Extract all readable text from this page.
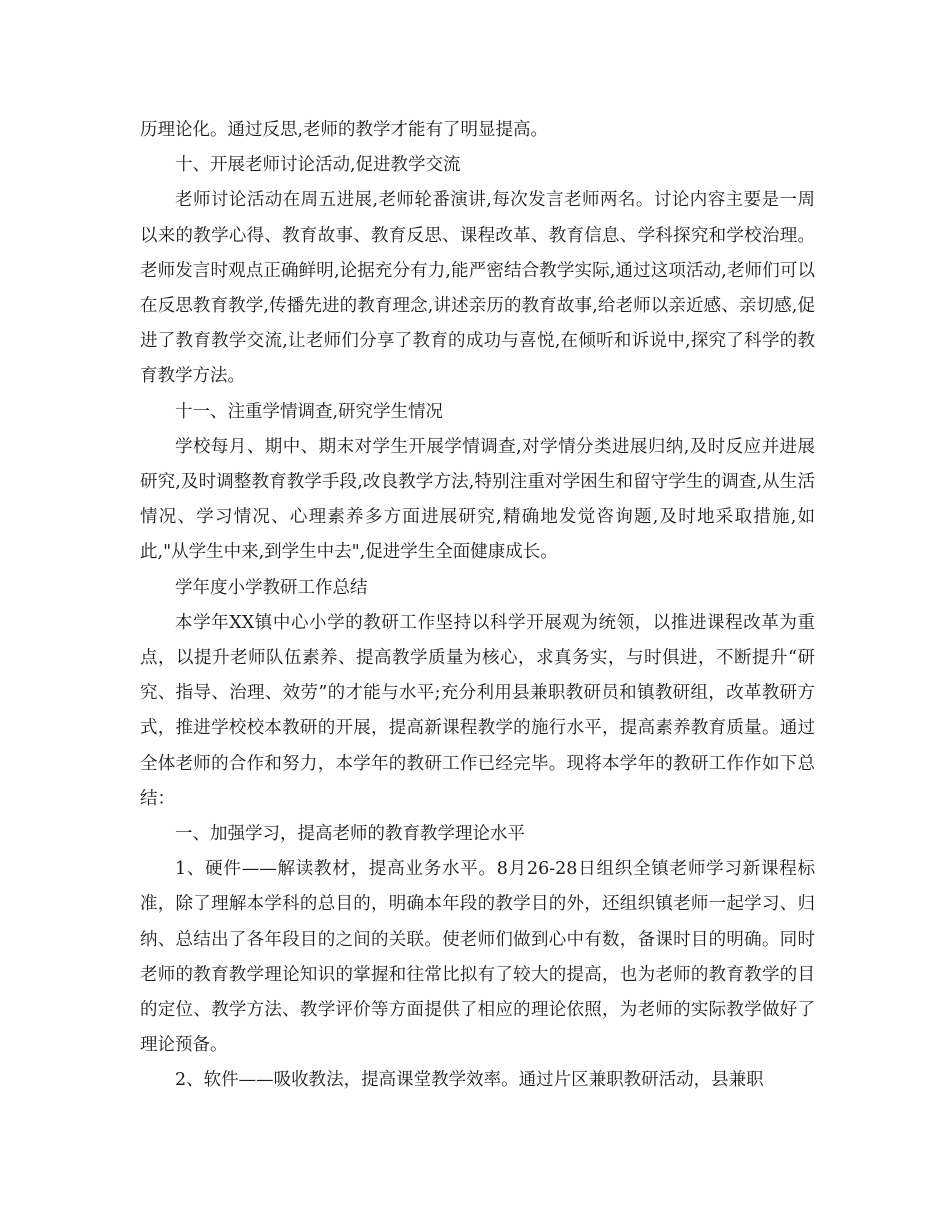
历理论化。通过反思,老师的教学才能有了明显提高。

十、开展老师讨论活动,促进教学交流

老师讨论活动在周五进展,老师轮番演讲,每次发言老师两名。讨论内容主要是一周以来的教学心得、教育故事、教育反思、课程改革、教育信息、学科探究和学校治理。老师发言时观点正确鲜明,论据充分有力,能严密结合教学实际,通过这项活动,老师们可以在反思教育教学,传播先进的教育理念,讲述亲历的教育故事,给老师以亲近感、亲切感,促进了教育教学交流,让老师们分享了教育的成功与喜悦,在倾听和诉说中,探究了科学的教育教学方法。

十一、注重学情调查,研究学生情况

学校每月、期中、期末对学生开展学情调查,对学情分类进展归纳,及时反应并进展研究,及时调整教育教学手段,改良教学方法,特别注重对学困生和留守学生的调查,从生活情况、学习情况、心理素养多方面进展研究,精确地发觉咨询题,及时地采取措施,如此,"从学生中来,到学生中去",促进学生全面健康成长。

学年度小学教研工作总结

本学年XX镇中心小学的教研工作坚持以科学开展观为统领，以推进课程改革为重点，以提升老师队伍素养、提高教学质量为核心，求真务实，与时俱进，不断提升“研究、指导、治理、效劳”的才能与水平;充分利用县兼职教研员和镇教研组，改革教研方式，推进学校校本教研的开展，提高新课程教学的施行水平，提高素养教育质量。通过全体老师的合作和努力，本学年的教研工作已经完毕。现将本学年的教研工作作如下总结：

一、加强学习，提高老师的教育教学理论水平

1、硬件——解读教材，提高业务水平。8月26-28日组织全镇老师学习新课程标准，除了理解本学科的总目的，明确本年段的教学目的外，还组织镇老师一起学习、归纳、总结出了各年段目的之间的关联。使老师们做到心中有数，备课时目的明确。同时老师的教育教学理论知识的掌握和往常比拟有了较大的提高，也为老师的教育教学的目的定位、教学方法、教学评价等方面提供了相应的理论依照，为老师的实际教学做好了理论预备。

2、软件——吸收教法，提高课堂教学效率。通过片区兼职教研活动，县兼职
